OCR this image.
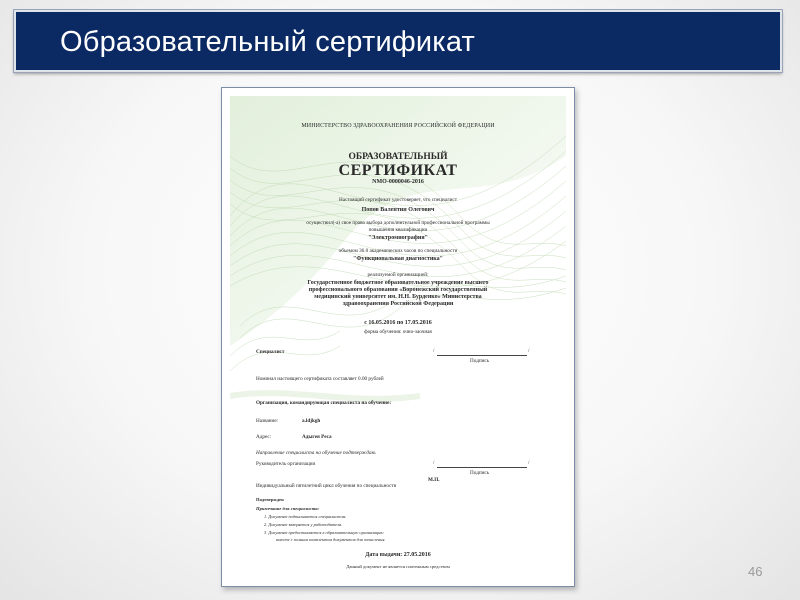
Образовательный сертификат
МИНИСТЕРСТВО ЗДРАВООХРАНЕНИЯ РОССИЙСКОЙ ФЕДЕРАЦИИ
ОБРАЗОВАТЕЛЬНЫЙ
СЕРТИФИКАТ
NMO-0000046-2016
Настоящий сертификат удостоверяет, что специалист
Попов Валентин Олегович
осуществил(-а) свое право выбора дополнительной профессиональной программы
повышения квалификации
"Электромиография"
объемом 36.0 академических часов по специальности
"Функциональная диагностика"
реализуемой организацией:
Государственное бюджетное образовательное учреждение высшего
профессионального образования «Воронежский государственный
медицинский университет им. Н.Н. Бурденко» Министерства
здравоохранения Российской Федерации
с 16.05.2016 по 17.05.2016
форма обучения: очно-заочная
Специалист	/	/
Подпись
Номинал настоящего сертификата составляет 0.00 рублей
Организация, командирующая специалиста на обучение:
Название:	a.ldjkgh
Адрес:	Адыгея Реса
Направление специалиста на обучение подтверждаю.
Руководитель организации	/	/
Подпись
М.П.
Индивидуальный пятилетний цикл обучения по специальности
Подтвержден
Примечание для специалиста:
1. Документ подписывается специалистом.
2. Документ заверяется у работодателя.
3. Документ предоставляется в образовательную организацию
вместе с полным комплектом документов для зачисления.
Дата выдачи: 27.05.2016
Данный документ не является платежным средством	46
